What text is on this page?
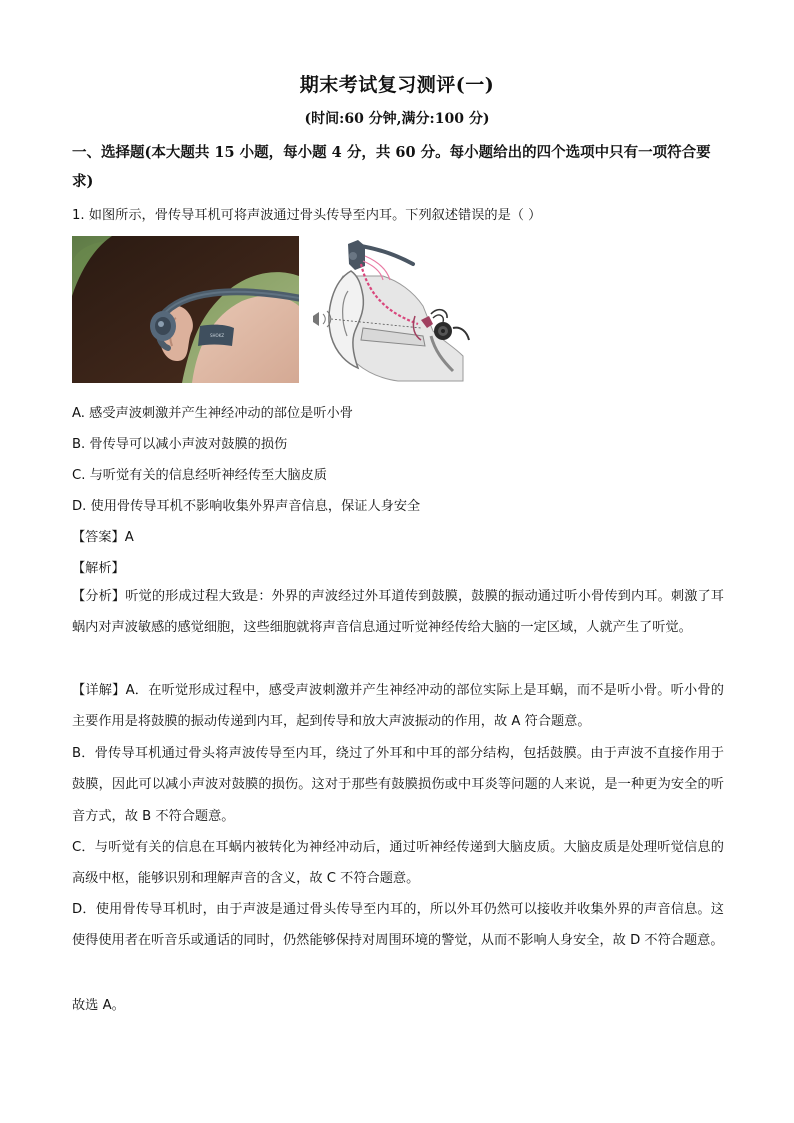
期末考试复习测评(一)
(时间:60 分钟,满分:100 分)
一、选择题(本大题共 15 小题，每小题 4 分，共 60 分。每小题给出的四个选项中只有一项符合要求)
1. 如图所示，骨传导耳机可将声波通过骨头传导至内耳。下列叙述错误的是（ ）
SHOKZ
A. 感受声波刺激并产生神经冲动的部位是听小骨
B. 骨传导可以减小声波对鼓膜的损伤
C. 与听觉有关的信息经听神经传至大脑皮质
D. 使用骨传导耳机不影响收集外界声音信息，保证人身安全
【答案】A
【解析】
【分析】听觉的形成过程大致是：外界的声波经过外耳道传到鼓膜，鼓膜的振动通过听小骨传到内耳。刺激了耳蜗内对声波敏感的感觉细胞，这些细胞就将声音信息通过听觉神经传给大脑的一定区域，人就产生了听觉。
【详解】A．在听觉形成过程中，感受声波刺激并产生神经冲动的部位实际上是耳蜗，而不是听小骨。听小骨的主要作用是将鼓膜的振动传递到内耳，起到传导和放大声波振动的作用，故 A 符合题意。
B．骨传导耳机通过骨头将声波传导至内耳，绕过了外耳和中耳的部分结构，包括鼓膜。由于声波不直接作用于鼓膜，因此可以减小声波对鼓膜的损伤。这对于那些有鼓膜损伤或中耳炎等问题的人来说，是一种更为安全的听音方式，故 B 不符合题意。
C．与听觉有关的信息在耳蜗内被转化为神经冲动后，通过听神经传递到大脑皮质。大脑皮质是处理听觉信息的高级中枢，能够识别和理解声音的含义，故 C 不符合题意。
D．使用骨传导耳机时，由于声波是通过骨头传导至内耳的，所以外耳仍然可以接收并收集外界的声音信息。这使得使用者在听音乐或通话的同时，仍然能够保持对周围环境的警觉，从而不影响人身安全，故 D 不符合题意。
故选 A。
